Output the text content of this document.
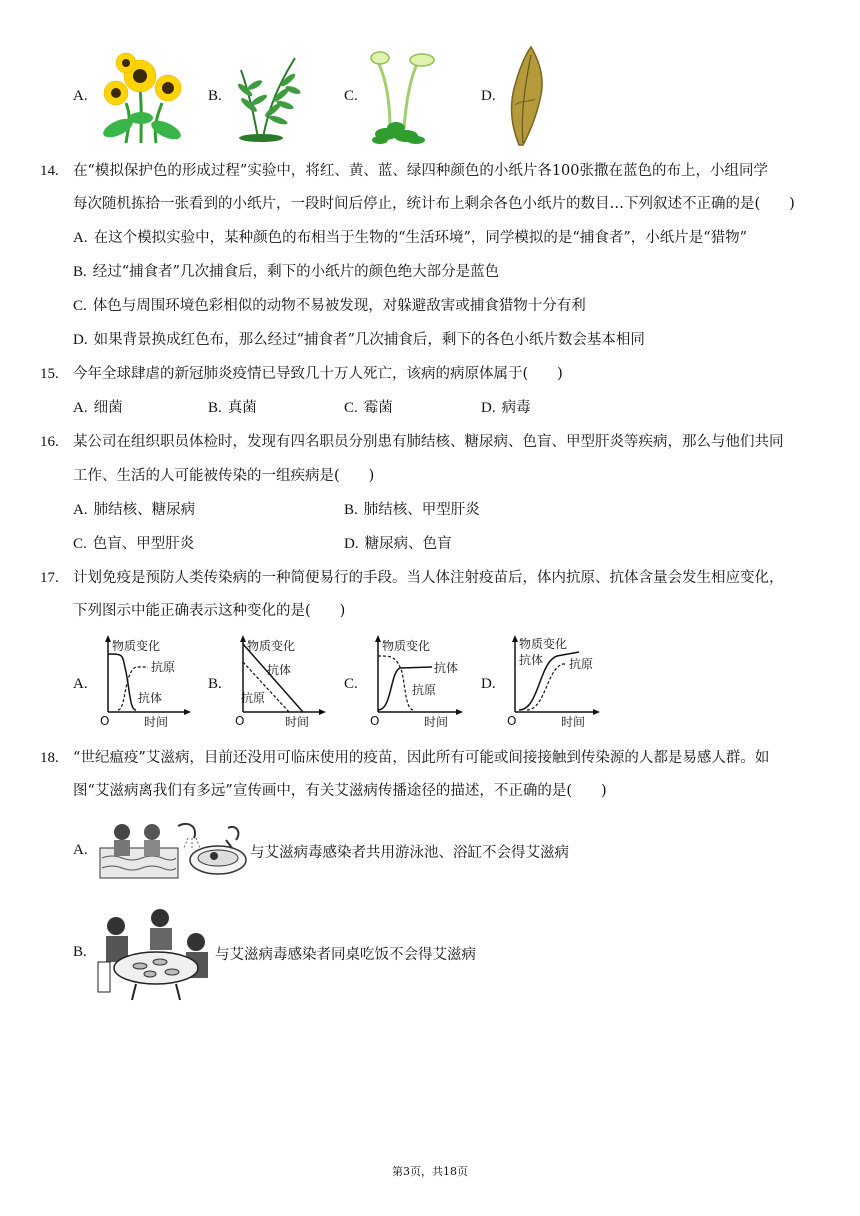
A.	B.	C.	D.
14. 在“模拟保护色的形成过程”实验中，将红、黄、蓝、绿四种颜色的小纸片各100张撒在蓝色的布上，小组同学
每次随机拣拾一张看到的小纸片，一段时间后停止，统计布上剩余各色小纸片的数目…下列叙述不正确的是(　　)
A. 在这个模拟实验中，某种颜色的布相当于生物的“生活环境”，同学模拟的是“捕食者”，小纸片是“猎物”
B. 经过“捕食者”几次捕食后，剩下的小纸片的颜色绝大部分是蓝色
C. 体色与周围环境色彩相似的动物不易被发现，对躲避敌害或捕食猎物十分有利
D. 如果背景换成红色布，那么经过“捕食者”几次捕食后，剩下的各色小纸片数会基本相同
15. 今年全球肆虐的新冠肺炎疫情已导致几十万人死亡，该病的病原体属于(　　)
A. 细菌	B. 真菌	C. 霉菌	D. 病毒
16. 某公司在组织职员体检时，发现有四名职员分别患有肺结核、糖尿病、色盲、甲型肝炎等疾病，那么与他们共同
工作、生活的人可能被传染的一组疾病是(　　)
A. 肺结核、糖尿病	B. 肺结核、甲型肝炎
C. 色盲、甲型肝炎	D. 糖尿病、色盲
17. 计划免疫是预防人类传染病的一种简便易行的手段。当人体注射疫苗后，体内抗原、抗体含量会发生相应变化，
下列图示中能正确表示这种变化的是(　　)
A.
物质变化
O	时间
抗原
抗体
B.
物质变化
O	时间
抗体
抗原
C.
物质变化
O	时间
抗体
抗原	D.
物质变化
O	时间
抗体 抗原
18. “世纪瘟疫”艾滋病，目前还没用可临床使用的疫苗，因此所有可能或间接接触到传染源的人都是易感人群。如
图“艾滋病离我们有多远”宣传画中，有关艾滋病传播途径的描述，不正确的是(　　)
A.	与艾滋病毒感染者共用游泳池、浴缸不会得艾滋病
B.	与艾滋病毒感染者同桌吃饭不会得艾滋病
第3页，共18页
